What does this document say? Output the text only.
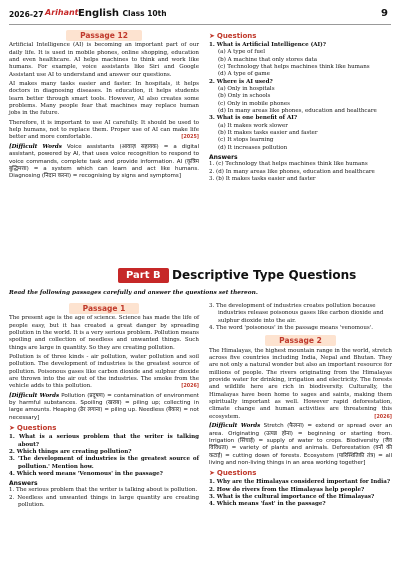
2026-27 Arihant English Class 10th	9
Passage 12

Artificial Intelligence (AI) is becoming an important part of our daily life. It is used in mobile phones, online shopping, education and even healthcare. AI helps machines to think and work like humans. For example, voice assistants like Siri and Google Assistant use AI to understand and answer our questions.

AI makes many tasks easier and faster. In hospitals, it helps doctors in diagnosing diseases. In education, it helps students learn better through smart tools. However, AI also creates some problems. Many people fear that machines may replace human jobs in the future.

Therefore, it is important to use AI carefully. It should be used to help humans, not to replace them. Proper use of AI can make life better and more comfortable.	[2025]

[Difficult Words Voice assistants (आवाज़ सहायक) = a digital assistant, powered by AI, that uses voice recognition to respond to voice commands, complete task and provide information. AI (कृत्रिम बुद्धिमत्ता) = a system which can learn and act like humans. Diagnosing (निदान करना) = recognising by signs and symptoms]

➤ Questions
1. What is Artificial Intelligence (AI)?
(a) A type of fuel
(b) A machine that only stores data
(c) Technology that helps machines think like humans
(d) A type of game
2. Where is AI used?
(a) Only in hospitals
(b) Only in schools
(c) Only in mobile phones
(d) In many areas like phones, education and healthcare
3. What is one benefit of AI?
(a) It makes work slower
(b) It makes tasks easier and faster
(c) It stops learning
(d) It increases pollution
Answers
1. (c) Technology that helps machines think like humans
2. (d) In many areas like phones, education and healthcare
3. (b) It makes tasks easier and faster
Part B Descriptive Type Questions
Read the following passages carefully and answer the questions set thereon.
Passage 1

The present age is the age of science. Science has made the life of people easy, but it has created a great danger by spreading pollution in the world. It is a very serious problem. Pollution means spoiling and collection of needless and unwanted things. Such things are large in quantity. So they are creating pollution.

Pollution is of three kinds - air pollution, water pollution and soil pollution. The development of industries is the greatest source of pollution. Poisonous gases like carbon dioxide and sulphur dioxide are thrown into the air out of the industries. The smoke from the vehicle adds to this pollution.	[2026]

[Difficult Words Pollution (प्रदूषण) = contamination of environment by harmful substances. Spoiling (खराब) = piling up; collecting in large amounts. Heaping (ढेर लगाना) = piling up. Needless (बेकार) = not necessary]

➤ Questions
1. What is a serious problem that the writer is talking about?
2. Which things are creating pollution?
3. 'The development of industries is the greatest source of pollution.' Mention how.
4. Which word means 'Venomous' in the passage?
Answers
1. The serious problem that the writer is talking about is pollution.
2. Needless and unwanted things in large quantity are creating pollution.
3. The development of industries creates pollution because industries release poisonous gases like carbon dioxide and sulphur dioxide into the air.
4. The word 'poisonous' in the passage means 'venomous'.
Passage 2

The Himalayas, the highest mountain range in the world, stretch across five countries including India, Nepal and Bhutan. They are not only a natural wonder but also an important resource for millions of people. The rivers originating from the Himalayas provide water for drinking, irrigation and electricity. The forests and wildlife here are rich in biodiversity. Culturally, the Himalayas have been home to sages and saints, making them spiritually important as well. However rapid deforestation, climate change and human activities are threatening this ecosystem.	[2026]

[Difficult Words Stretch (फैलना) = extend or spread over an area. Originating (उत्पन्न होना) = beginning or starting from. Irrigation (सिंचाई) = supply of water to crops. Biodiversity (जैव विविधता) = variety of plants and animals. Deforestation (वनों की कटाई) = cutting down of forests. Ecosystem (पारिस्थितिकी तंत्र) = all living and non-living things in an area working together]

➤ Questions
1. Why are the Himalayas considered important for India?
2. How do rivers from the Himalayas help people?
3. What is the cultural importance of the Himalayas?
4. Which means 'fast' in the passage?
